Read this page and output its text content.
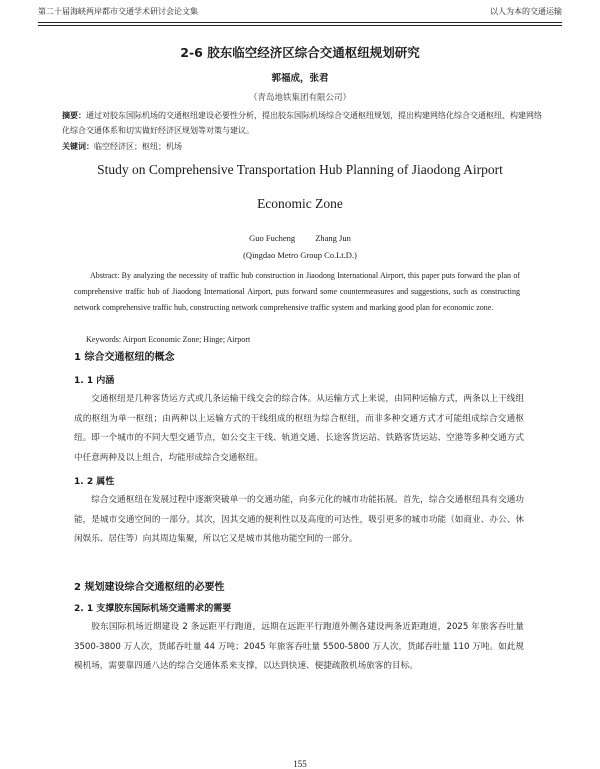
第二十届海峡两岸都市交通学术研讨会论文集	以人为本的交通运输
2-6 胶东临空经济区综合交通枢纽规划研究
郭福成，张君
（青岛地铁集团有限公司）
摘要：通过对胶东国际机场的交通枢纽建设必要性分析，提出胶东国际机场综合交通枢纽规划，提出构建网络化综合交通枢纽、构建网络化综合交通体系和切实做好经济区规划等对策与建议。
关键词：临空经济区；枢纽；机场
Study on Comprehensive Transportation Hub Planning of Jiaodong Airport
Economic Zone
Guo Fucheng Zhang Jun
(Qingdao Metro Group Co.Lt.D.)
Abstract: By analyzing the necessity of traffic hub construction in Jiaodong International Airport, this paper puts forward the plan of comprehensive traffic hub of Jiaodong International Airport, puts forward some countermeasures and suggestions, such as constructing network comprehensive traffic hub, constructing network comprehensive traffic system and marking good plan for economic zone.
Keywords: Airport Economic Zone; Hinge; Airport
1 综合交通枢纽的概念
1. 1 内涵
交通枢纽是几种客货运方式或几条运输干线交会的综合体。从运输方式上来说，由同种运输方式，两条以上干线组成的枢纽为单一枢纽；由两种以上运输方式的干线组成的枢纽为综合枢纽，而非多种交通方式才可能组成综合交通枢纽。即一个城市的不同大型交通节点，如公交主干线、轨道交通、长途客货运站、铁路客货运站、空港等多种交通方式中任意两种及以上组合，均能形成综合交通枢纽。
1. 2 属性
综合交通枢纽在发展过程中逐渐突破单一的交通功能，向多元化的城市功能拓展。首先，综合交通枢纽具有交通功能，是城市交通空间的一部分。其次，因其交通的便利性以及高度的可达性，吸引更多的城市功能（如商业、办公、休闲娱乐、居住等）向其周边集聚，所以它又是城市其他功能空间的一部分。
2 规划建设综合交通枢纽的必要性
2. 1 支撑胶东国际机场交通需求的需要
胶东国际机场近期建设 2 条远距平行跑道，远期在远距平行跑道外侧各建设两条近距跑道，2025 年旅客吞吐量 3500-3800 万人次，货邮吞吐量 44 万吨；2045 年旅客吞吐量 5500-5800 万人次，货邮吞吐量 110 万吨。如此规模机场，需要靠四通八达的综合交通体系来支撑，以达到快速、便捷疏散机场旅客的目标。
155
